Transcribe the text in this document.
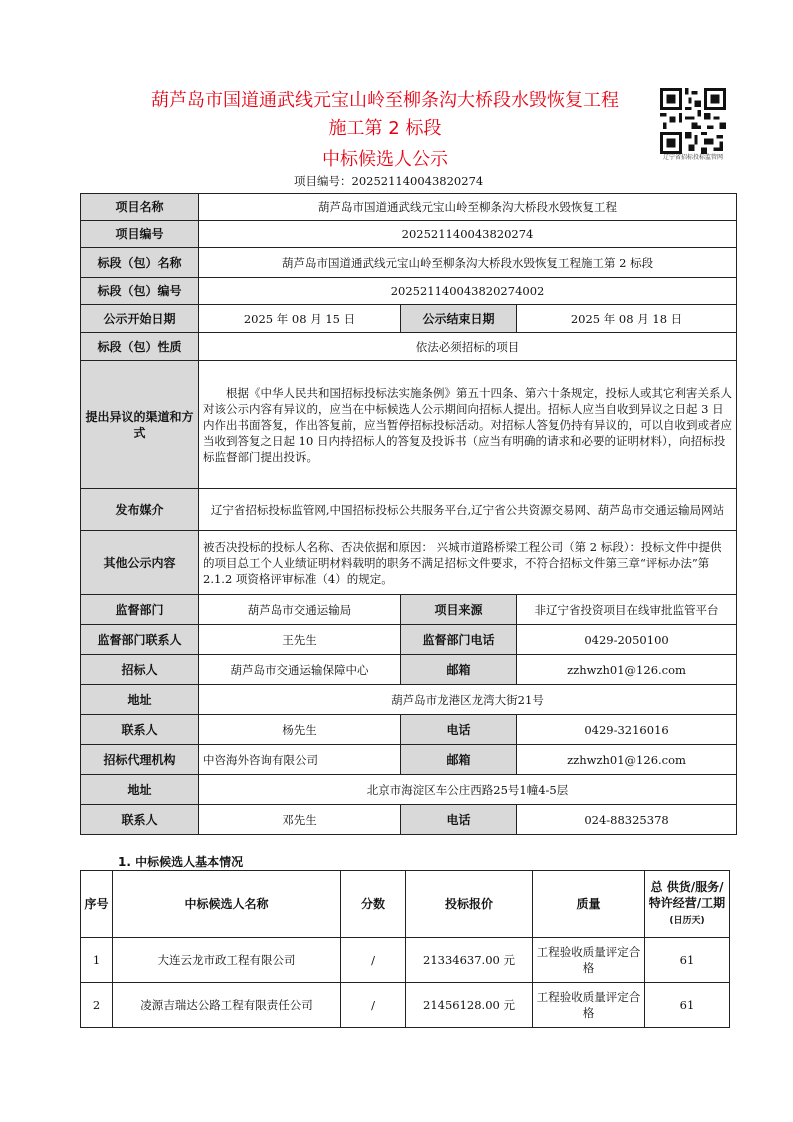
葫芦岛市国道通武线元宝山岭至柳条沟大桥段水毁恢复工程
施工第 2 标段
中标候选人公示	辽宁省招标投标监管网
项目编号：20252114004382027​4
项目名称	葫芦岛市国道通武线元宝山岭至柳条沟大桥段水毁恢复工程		
项目编号	202521140043820274		
标段（包）名称	葫芦岛市国道通武线元宝山岭至柳条沟大桥段水毁恢复工程施工第 2 标段		
标段（包）编号	202521140043820274002		
公示开始日期	2025 年 08 月 15 日	公示结束日期	2025 年 08 月 18 日
标段（包）性质	依法必须招标的项目		
提出异议的渠道和方式	根据《中华人民共和国招标投标法实施条例》第五十四条、第六十条规定，投标人或其它利害关系人对该公示内容有异议的，应当在中标候选人公示期间向招标人提出。招标人应当自收到异议之日起 3 日内作出书面答复，作出答复前，应当暂停招标投标活动。对招标人答复仍持有异议的，可以自收到或者应当收到答复之日起 10 日内持招标人的答复及投诉书（应当有明确的请求和必要的证明材料），向招标投标监督部门提出投诉。		
发布媒介	辽宁省招标投标监管网,中国招标投标公共服务平台,辽宁省公共资源交易网、葫芦岛市交通运输局网站		
其他公示内容	被否决投标的投标人名称、否决依据和原因： 兴城市道路桥梁工程公司（第 2 标段）：投标文件中提供的项目总工个人业绩证明材料载明的职务不满足招标文件要求，不符合招标文件第三章“评标办法”第 2.1.2 项资格评审标准（4）的规定。		
监督部门	葫芦岛市交通运输局	项目来源	非辽宁省投资项目在线审批监管平台
监督部门联系人	王先生	监督部门电话	0429-2050100
招标人	葫芦岛市交通运输保障中心	邮箱	zzhwzh01@126.com
地址	葫芦岛市龙港区龙湾大街21号		
联系人	杨先生	电话	0429-3216016
招标代理机构	中咨海外咨询有限公司	邮箱	zzhwzh01@126.com
地址	北京市海淀区车公庄西路25号1幢4-5层		
联系人	邓先生	电话	024-88325378
1. 中标候选人基本情况
序号	中标候选人名称	分数	投标报价	质量	总 供货/服务/特许经营/工期(日历天)
1	大连云龙市政工程有限公司	/	21334637.00 元	工程验收质量评定合格	61
2	凌源吉瑞达公路工程有限责任公司	/	21456128.00 元	工程验收质量评定合格	61
